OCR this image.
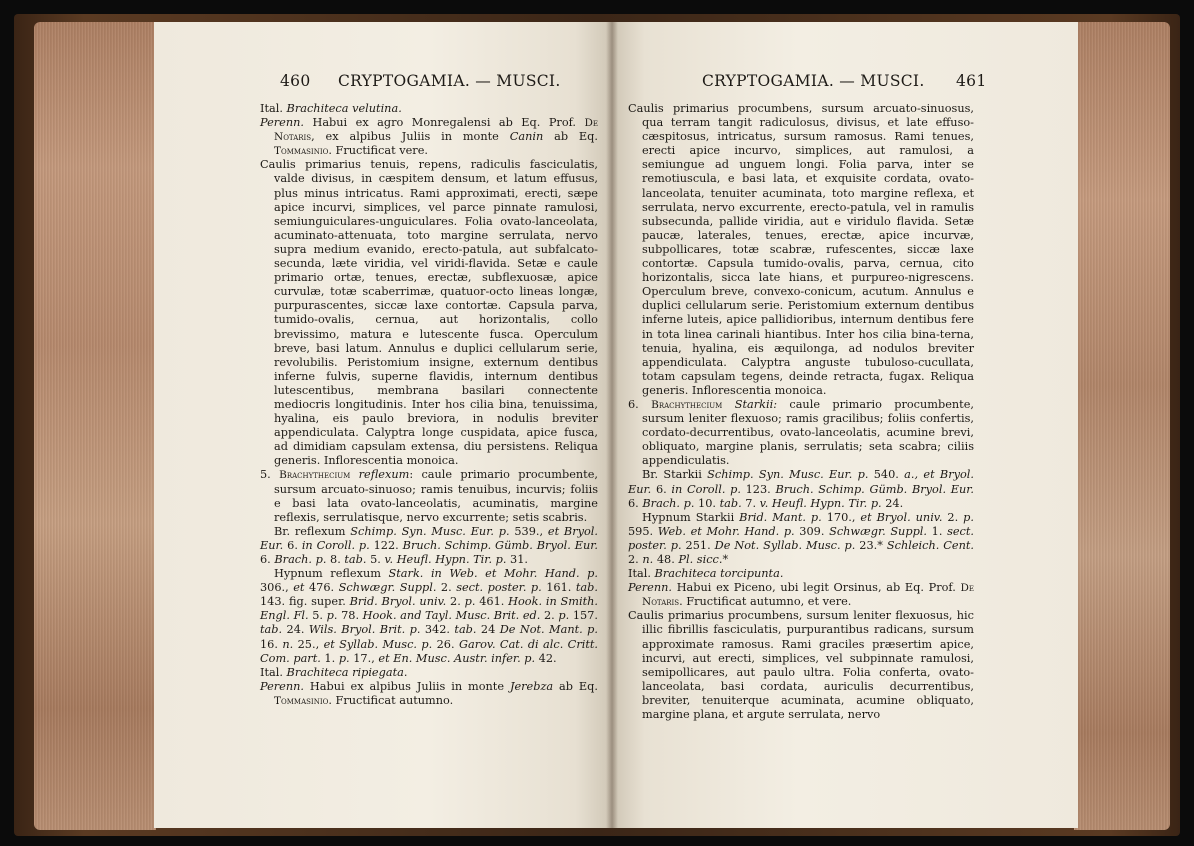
460 CRYPTOGAMIA. — MUSCI.

Ital. Brachiteca velutina.

Perenn. Habui ex agro Monregalensi ab Eq. Prof. De Notaris, ex alpibus Juliis in monte Canin ab Eq. Tommasinio. Fructificat vere.

Caulis primarius tenuis, repens, radiculis fasciculatis, valde divisus, in cæspitem densum, et latum effusus, plus minus intricatus. Rami approximati, erecti, sæpe apice incurvi, simplices, vel parce pinnate ramulosi, semiunguiculares-unguiculares. Folia ovato-lanceolata, acuminato-attenuata, toto margine serrulata, nervo supra medium evanido, erecto-patula, aut subfalcato-secunda, læte viridia, vel viridi-flavida. Setæ e caule primario ortæ, tenues, erectæ, subflexuosæ, apice curvulæ, totæ scaberrimæ, quatuor-octo lineas longæ, purpurascentes, siccæ laxe contortæ. Capsula parva, tumido-ovalis, cernua, aut horizontalis, collo brevissimo, matura e lutescente fusca. Operculum breve, basi latum. Annulus e duplici cellularum serie, revolubilis. Peristomium insigne, externum dentibus inferne fulvis, superne flavidis, internum dentibus lutescentibus, membrana basilari connectente mediocris longitudinis. Inter hos cilia bina, tenuissima, hyalina, eis paulo breviora, in nodulis breviter appendiculata. Calyptra longe cuspidata, apice fusca, ad dimidiam capsulam extensa, diu persistens. Reliqua generis. Inflorescentia monoica.

5. Brachythecium reflexum: caule primario procumbente, sursum arcuato-sinuoso; ramis tenuibus, incurvis; foliis e basi lata ovato-lanceolatis, acuminatis, margine reflexis, serrulatisque, nervo excurrente; setis scabris.

Br. reflexum Schimp. Syn. Musc. Eur. p. 539., et Bryol. Eur. 6. in Coroll. p. 122. Bruch. Schimp. Gümb. Bryol. Eur. 6. Brach. p. 8. tab. 5. v. Heufl. Hypn. Tir. p. 31.

Hypnum reflexum Stark. in Web. et Mohr. Hand. p. 306., et 476. Schwægr. Suppl. 2. sect. poster. p. 161. tab. 143. fig. super. Brid. Bryol. univ. 2. p. 461. Hook. in Smith. Engl. Fl. 5. p. 78. Hook. and Tayl. Musc. Brit. ed. 2. p. 157. tab. 24. Wils. Bryol. Brit. p. 342. tab. 24 De Not. Mant. p. 16. n. 25., et Syllab. Musc. p. 26. Garov. Cat. di alc. Critt. Com. part. 1. p. 17., et En. Musc. Austr. infer. p. 42.

Ital. Brachiteca ripiegata.

Perenn. Habui ex alpibus Juliis in monte Jerebza ab Eq. Tommasinio. Fructificat autumno.

CRYPTOGAMIA. — MUSCI. 461

Caulis primarius procumbens, sursum arcuato-sinuosus, qua terram tangit radiculosus, divisus, et late effuso-cæspitosus, intricatus, sursum ramosus. Rami tenues, erecti apice incurvo, simplices, aut ramulosi, a semiungue ad unguem longi. Folia parva, inter se remotiuscula, e basi lata, et exquisite cordata, ovato-lanceolata, tenuiter acuminata, toto margine reflexa, et serrulata, nervo excurrente, erecto-patula, vel in ramulis subsecunda, pallide viridia, aut e viridulo flavida. Setæ paucæ, laterales, tenues, erectæ, apice incurvæ, subpollicares, totæ scabræ, rufescentes, siccæ laxe contortæ. Capsula tumido-ovalis, parva, cernua, cito horizontalis, sicca late hians, et purpureo-nigrescens. Operculum breve, convexo-conicum, acutum. Annulus e duplici cellularum serie. Peristomium externum dentibus inferne luteis, apice pallidioribus, internum dentibus fere in tota linea carinali hiantibus. Inter hos cilia bina-terna, tenuia, hyalina, eis æquilonga, ad nodulos breviter appendiculata. Calyptra anguste tubuloso-cucullata, totam capsulam tegens, deinde retracta, fugax. Reliqua generis. Inflorescentia monoica.

6. Brachythecium Starkii: caule primario procumbente, sursum leniter flexuoso; ramis gracilibus; foliis confertis, cordato-decurrentibus, ovato-lanceolatis, acumine brevi, obliquato, margine planis, serrulatis; seta scabra; ciliis appendiculatis.

Br. Starkii Schimp. Syn. Musc. Eur. p. 540. a., et Bryol. Eur. 6. in Coroll. p. 123. Bruch. Schimp. Gümb. Bryol. Eur. 6. Brach. p. 10. tab. 7. v. Heufl. Hypn. Tir. p. 24.

Hypnum Starkii Brid. Mant. p. 170., et Bryol. univ. 2. p. 595. Web. et Mohr. Hand. p. 309. Schwægr. Suppl. 1. sect. poster. p. 251. De Not. Syllab. Musc. p. 23.* Schleich. Cent. 2. n. 48. Pl. sicc.*

Ital. Brachiteca torcipunta.

Perenn. Habui ex Piceno, ubi legit Orsinus, ab Eq. Prof. De Notaris. Fructificat autumno, et vere.

Caulis primarius procumbens, sursum leniter flexuosus, hic illic fibrillis fasciculatis, purpurantibus radicans, sursum approximate ramosus. Rami graciles præsertim apice, incurvi, aut erecti, simplices, vel subpinnate ramulosi, semipollicares, aut paulo ultra. Folia conferta, ovato-lanceolata, basi cordata, auriculis decurrentibus, breviter, tenuiterque acuminata, acumine obliquato, margine plana, et argute serrulata, nervo
